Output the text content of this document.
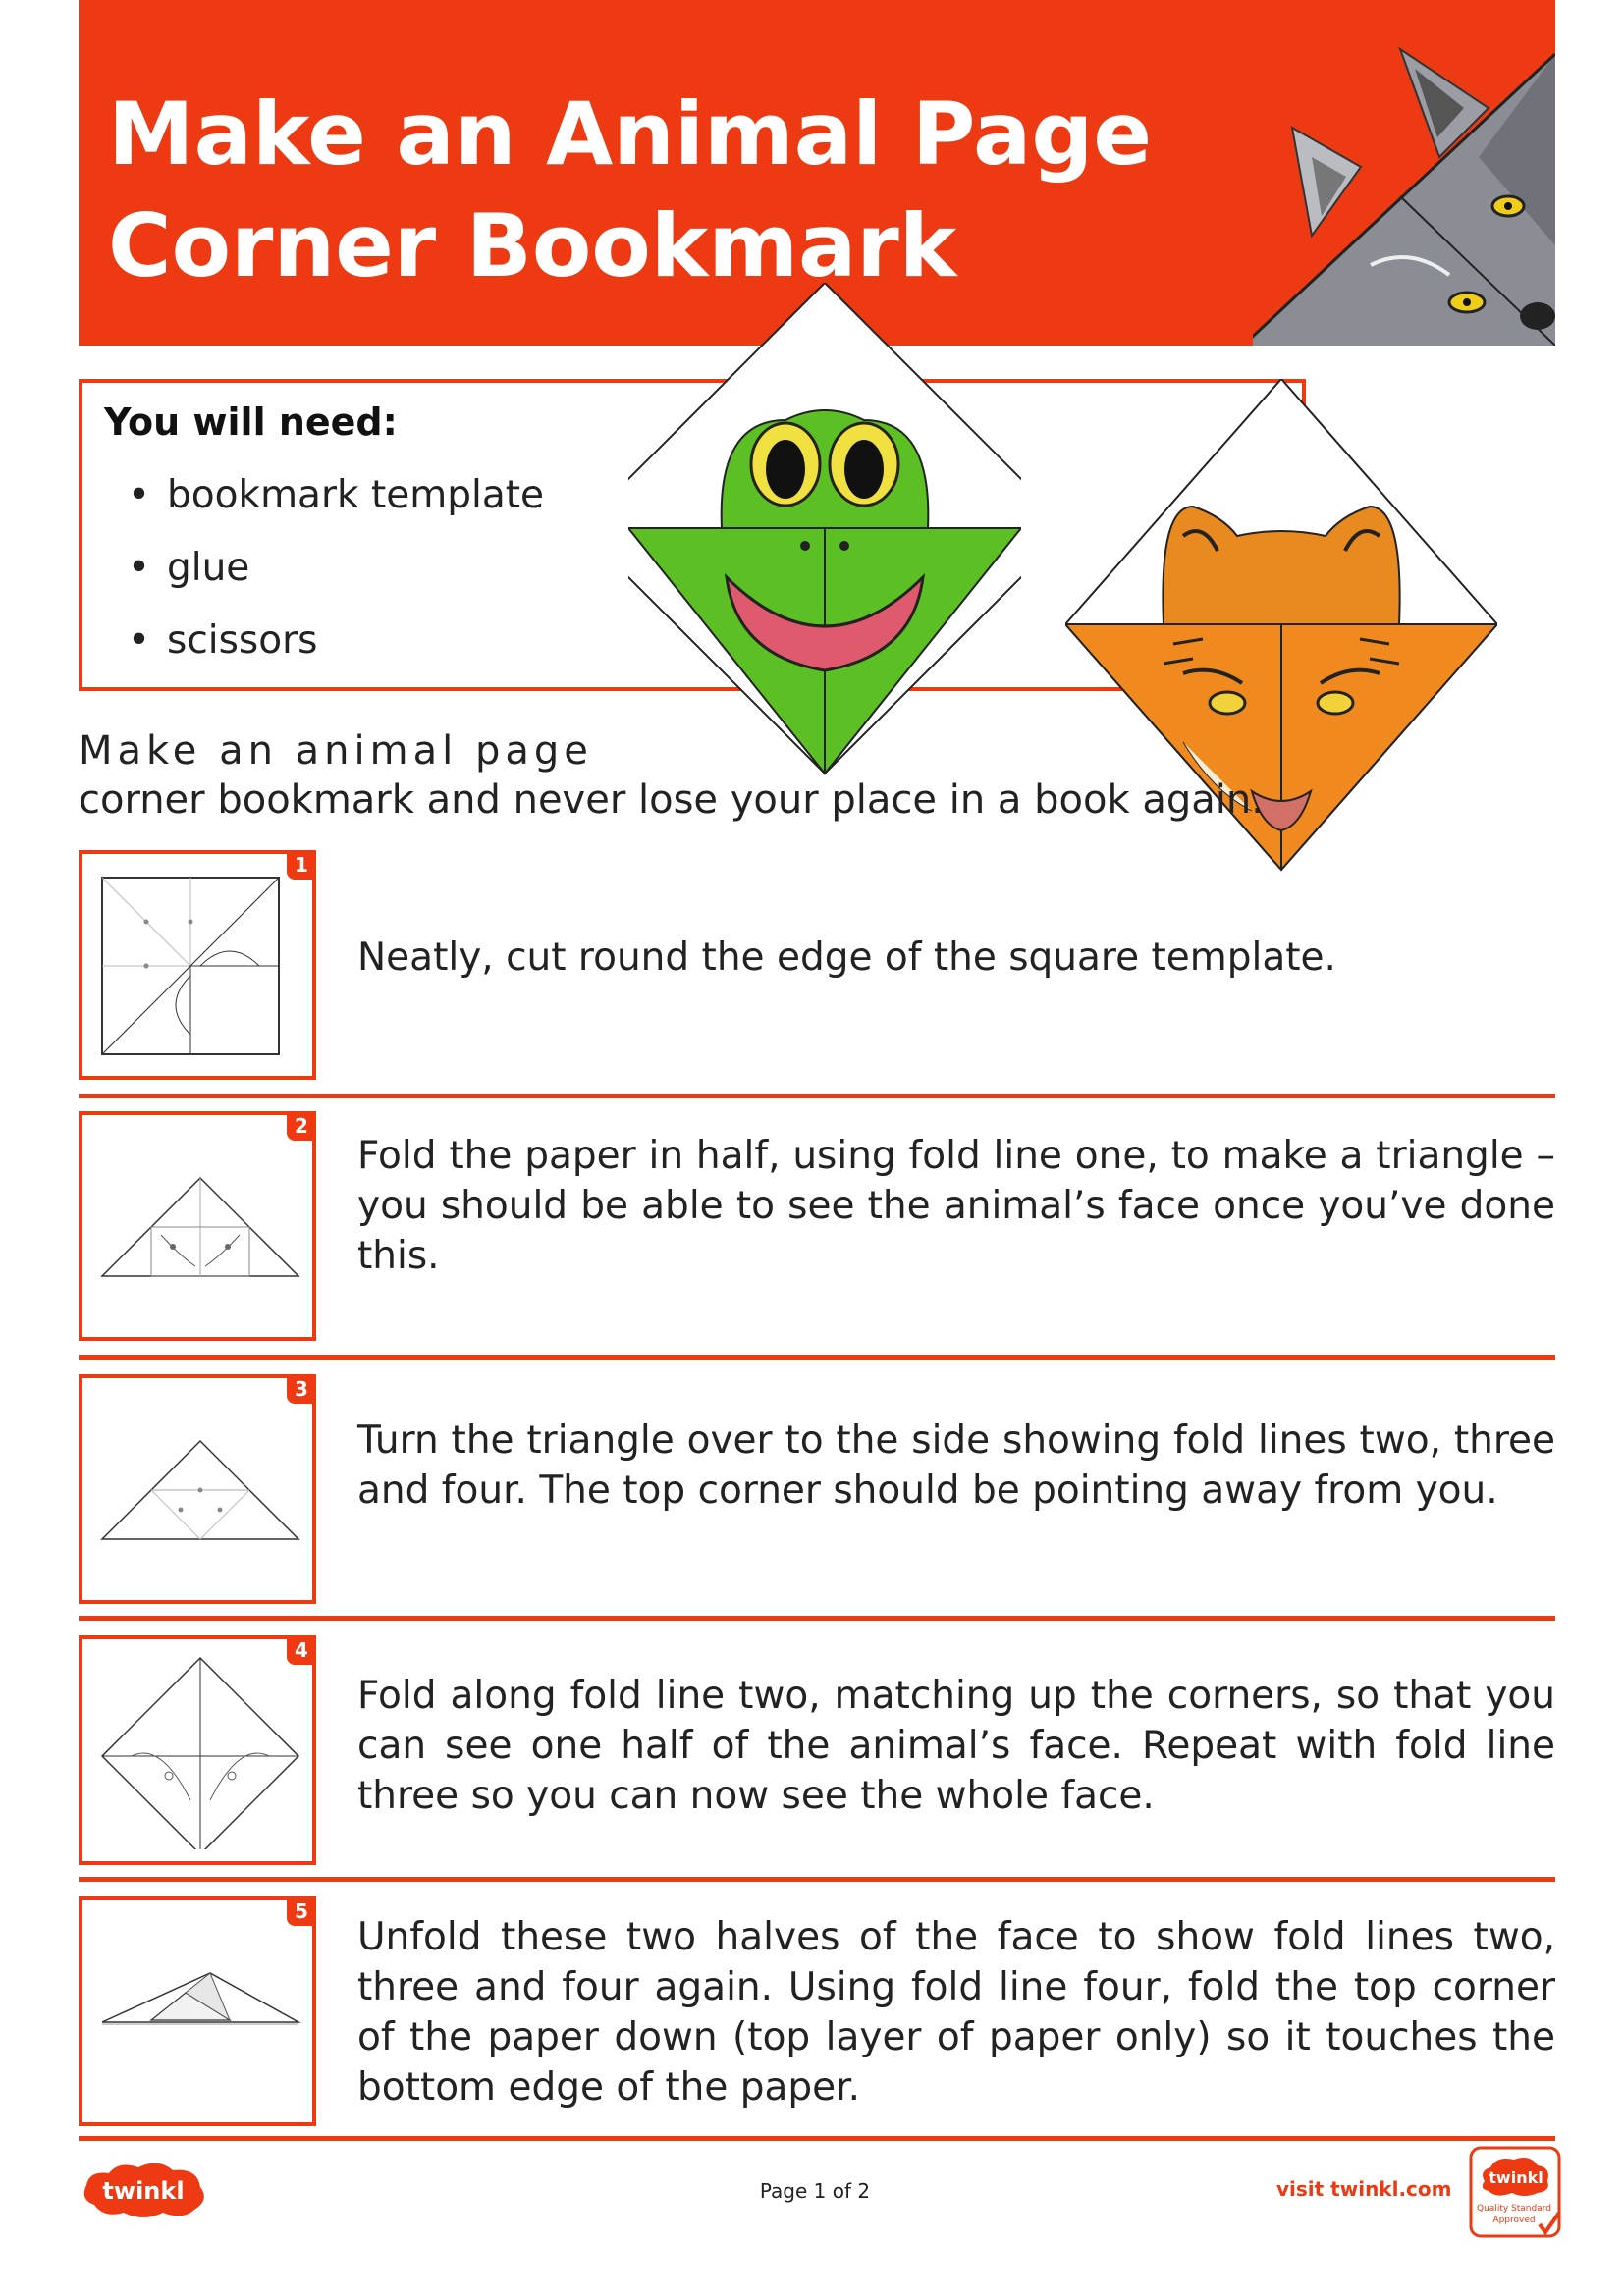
Make an Animal Page
Corner Bookmark
You will need:
• bookmark template
• glue
• scissors
Make an animal page
corner bookmark and never lose your place in a book again.
1
Neatly, cut round the edge of the square template.
2
Fold the paper in half, using fold line one, to make a triangle – you should be able to see the animal’s face once you’ve done this.
3
Turn the triangle over to the side showing fold lines two, three and four. The top corner should be pointing away from you.
4
Fold along fold line two, matching up the corners, so that you can see one half of the animal’s face. Repeat with fold line three so you can now see the whole face.
5
Unfold these two halves of the face to show fold lines two, three and four again. Using fold line four, fold the top corner of the paper down (top layer of paper only) so it touches the bottom edge of the paper.
twinkl	Page 1 of 2	visit twinkl.com twinkl
Quality Standard
Approved
